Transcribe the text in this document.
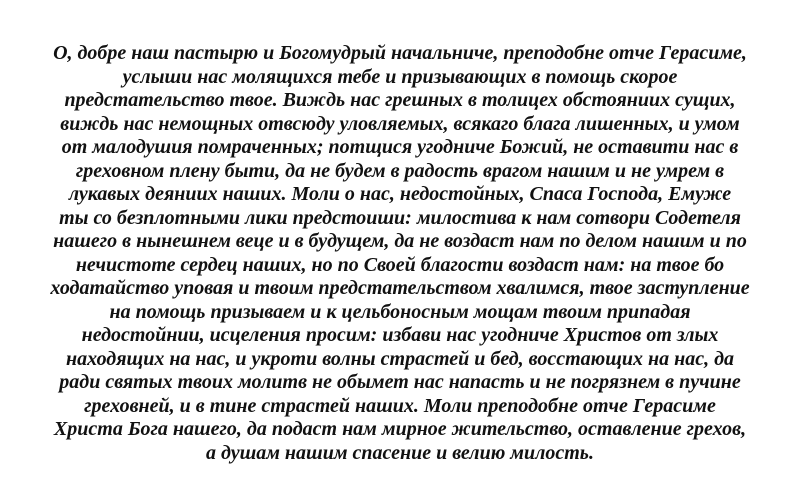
О, добре наш пастырю и Богомудрый начальниче, преподобне отче Герасиме,
услыши нас молящихся тебе и призывающих в помощь скорое
предстательство твое. Виждь нас грешных в толицех обстояниих сущих,
виждь нас немощных отвсюду уловляемых, всякаго блага лишенных, и умом
от малодушия помраченных; потщися угодниче Божий, не оставити нас в
греховном плену быти, да не будем в радость врагом нашим и не умрем в
лукавых деяниих наших. Моли о нас, недостойных, Спаса Господа, Емуже
ты со безплотными лики предстоиши: милостива к нам сотвори Содетеля
нашего в нынешнем веце и в будущем, да не воздаст нам по делом нашим и по
нечистоте сердец наших, но по Своей благости воздаст нам: на твое бо
ходатайство уповая и твоим предстательством хвалимся, твое заступление
на помощь призываем и к цельбоносным мощам твоим припадая
недостойнии, исцеления просим: избави нас угодниче Христов от злых
находящих на нас, и укроти волны страстей и бед, восстающих на нас, да
ради святых твоих молитв не обымет нас напасть и не погрязнем в пучине
греховней, и в тине страстей наших. Моли преподобне отче Герасиме
Христа Бога нашего, да подаст нам мирное жительство, оставление грехов,
а душам нашим спасение и велию милость.
